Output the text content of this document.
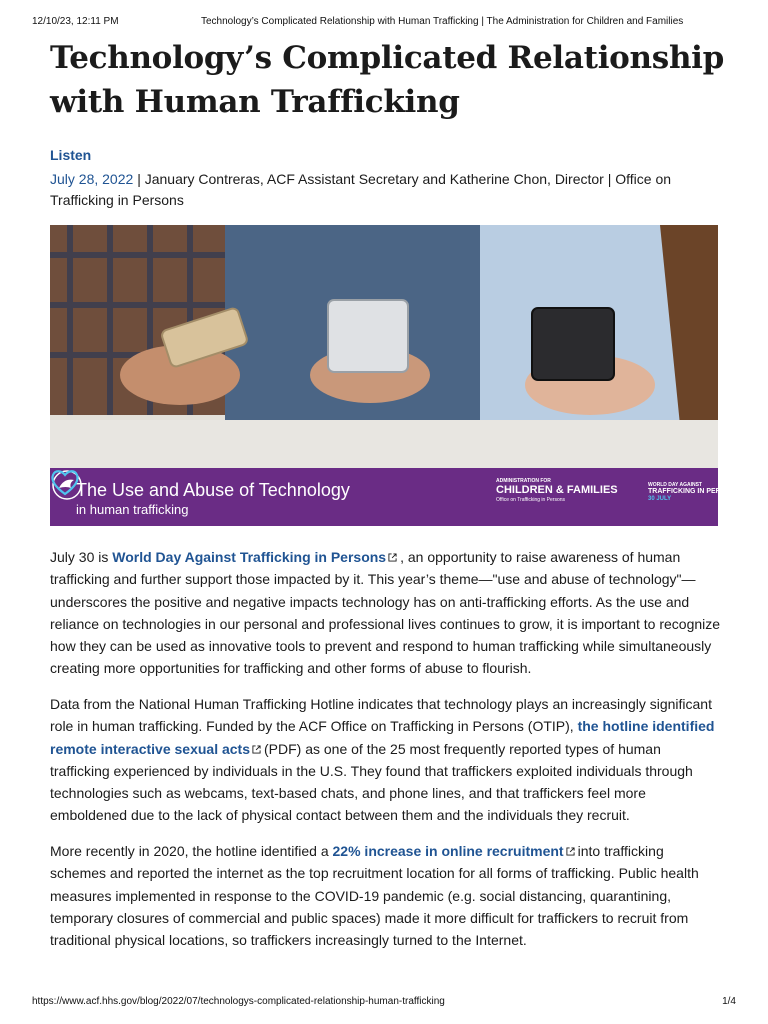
12/10/23, 12:11 PM	Technology’s Complicated Relationship with Human Trafficking | The Administration for Children and Families
Technology’s Complicated Relationship with Human Trafficking
Listen
July 28, 2022 | January Contreras, ACF Assistant Secretary and Katherine Chon, Director | Office on Trafficking in Persons
The Use and Abuse of Technology
in human trafficking
ADMINISTRATION FOR
CHILDREN & FAMILIES
Office on Trafficking in Persons
WORLD DAY AGAINST
TRAFFICKING IN PERSONS
30 JULY

July 30 is World Day Against Trafficking in Persons , an opportunity to raise awareness of human trafficking and further support those impacted by it. This year’s theme—"use and abuse of technology"—underscores the positive and negative impacts technology has on anti-trafficking efforts. As the use and reliance on technologies in our personal and professional lives continues to grow, it is important to recognize how they can be used as innovative tools to prevent and respond to human trafficking while simultaneously creating more opportunities for trafficking and other forms of abuse to flourish.

Data from the National Human Trafficking Hotline indicates that technology plays an increasingly significant role in human trafficking. Funded by the ACF Office on Trafficking in Persons (OTIP), the hotline identified remote interactive sexual acts (PDF) as one of the 25 most frequently reported types of human trafficking experienced by individuals in the U.S. They found that traffickers exploited individuals through technologies such as webcams, text-based chats, and phone lines, and that traffickers feel more emboldened due to the lack of physical contact between them and the individuals they recruit.

More recently in 2020, the hotline identified a 22% increase in online recruitment into trafficking schemes and reported the internet as the top recruitment location for all forms of trafficking. Public health measures implemented in response to the COVID-19 pandemic (e.g. social distancing, quarantining, temporary closures of commercial and public spaces) made it more difficult for traffickers to recruit from traditional physical locations, so traffickers increasingly turned to the Internet.

https://www.acf.hhs.gov/blog/2022/07/technologys-complicated-relationship-human-trafficking	1/4
